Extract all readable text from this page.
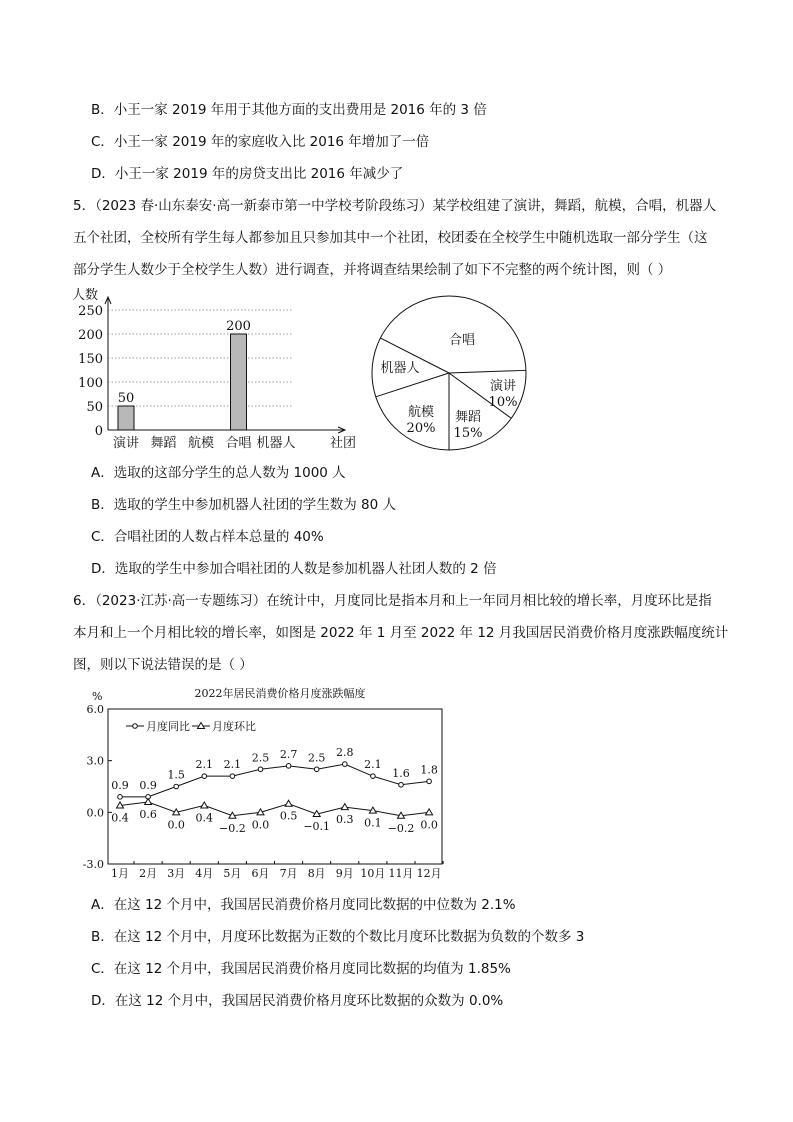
B．小王一家 2019 年用于其他方面的支出费用是 2016 年的 3 倍
C．小王一家 2019 年的家庭收入比 2016 年增加了一倍
D．小王一家 2019 年的房贷支出比 2016 年减少了
5．（2023 春·山东泰安·高一新泰市第一中学校考阶段练习）某学校组建了演讲，舞蹈，航模，合唱，机器人
五个社团，全校所有学生每人都参加且只参加其中一个社团，校团委在全校学生中随机选取一部分学生（这
部分学生人数少于全校学生人数）进行调查，并将调查结果绘制了如下不完整的两个统计图，则（ ）
人数
社团
0
50
100
150
200
250
演讲
50
舞蹈 航模 合唱
200
机器人
合唱
演讲
10%
舞蹈
15%
航模
20%
机器人
A．选取的这部分学生的总人数为 1000 人
B．选取的学生中参加机器人社团的学生数为 80 人
C．合唱社团的人数占样本总量的 40%
D．选取的学生中参加合唱社团的人数是参加机器人社团人数的 2 倍
6．（2023·江苏·高一专题练习）在统计中，月度同比是指本月和上一年同月相比较的增长率，月度环比是指
本月和上一个月相比较的增长率，如图是 2022 年 1 月至 2022 年 12 月我国居民消费价格月度涨跌幅度统计
图，则以下说法错误的是（ ）
2022年居民消费价格月度涨跌幅度
%
-3.0
0.0
3.0
6.0
1月 2月 3月 4月 5月 6月 7月 8月 9月 10月 11月 12月
月度同比 月度环比
0.9 0.9
1.5
2.1 2.1
2.5 2.7 2.5 2.8
2.1
1.6 1.8
0.4 0.6
0.0
0.4
−0.2 0.0
0.5
−0.1
0.3 0.1 −0.2 0.0
A．在这 12 个月中，我国居民消费价格月度同比数据的中位数为 2.1%
B．在这 12 个月中，月度环比数据为正数的个数比月度环比数据为负数的个数多 3
C．在这 12 个月中，我国居民消费价格月度同比数据的均值为 1.85%
D．在这 12 个月中，我国居民消费价格月度环比数据的众数为 0.0%
